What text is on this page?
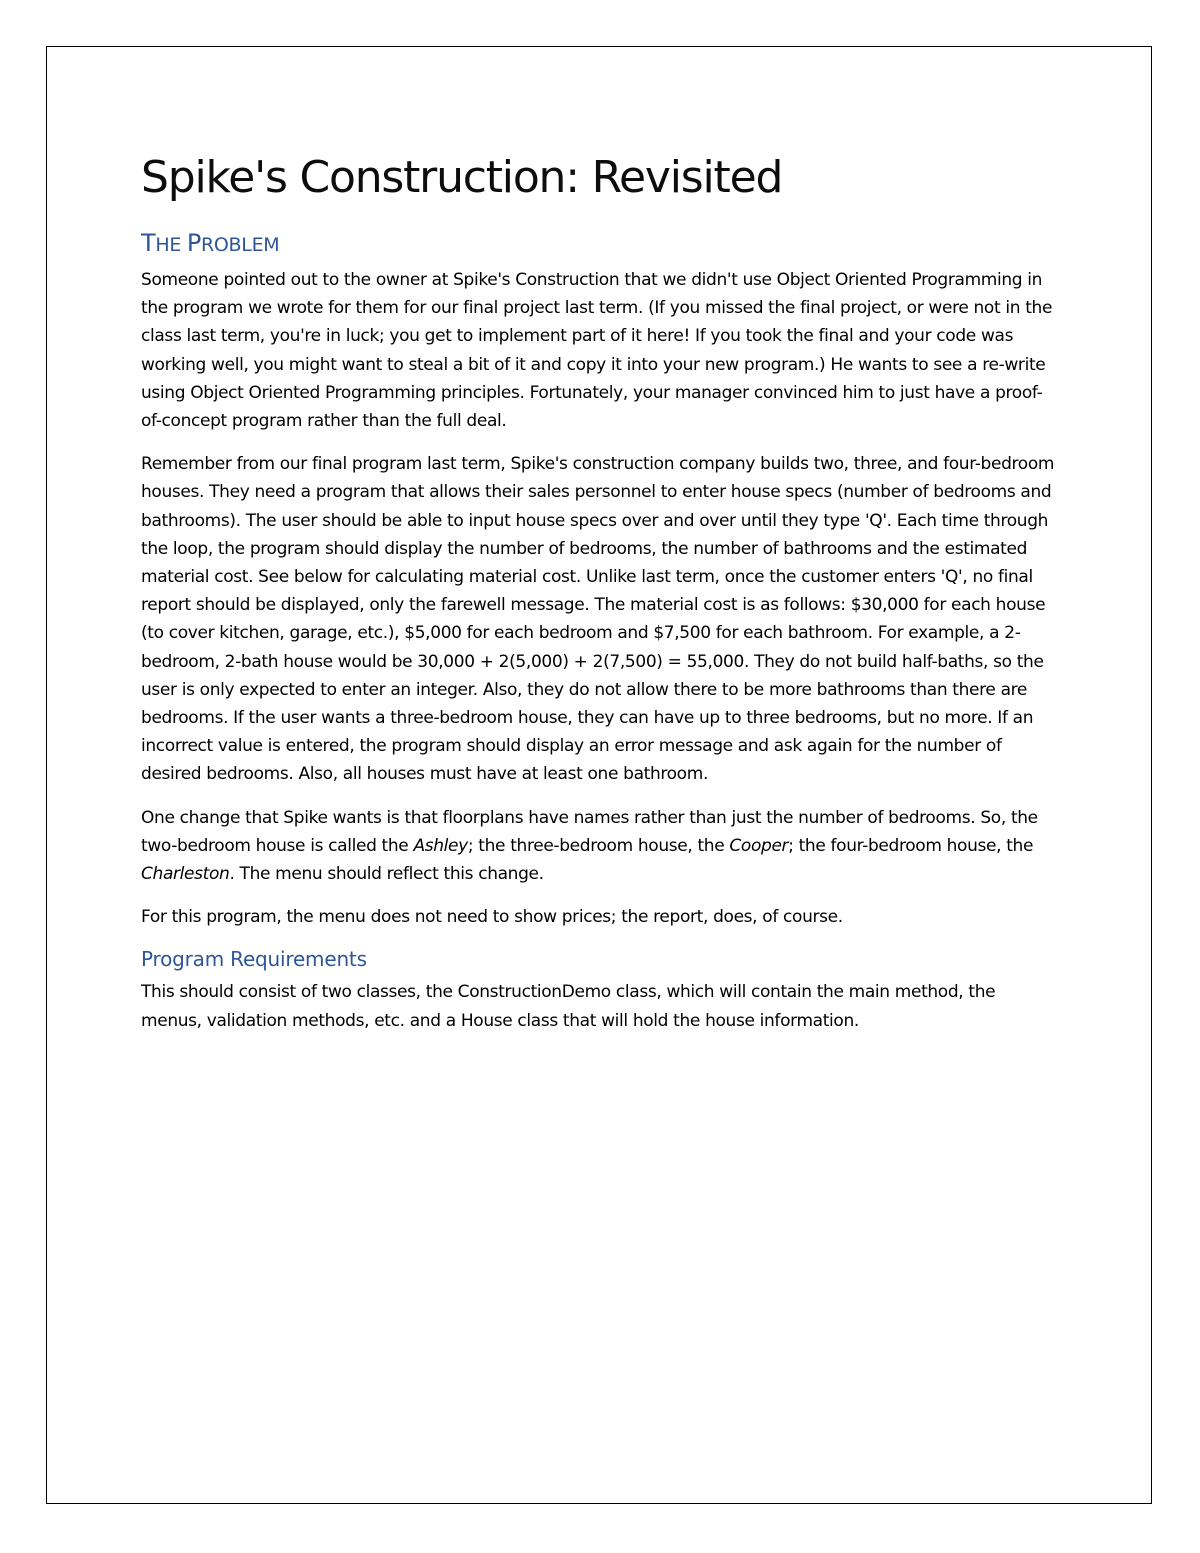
Spike's Construction: Revisited
THE PROBLEM

Someone pointed out to the owner at Spike's Construction that we didn't use Object Oriented Programming in the program we wrote for them for our final project last term. (If you missed the final project, or were not in the class last term, you're in luck; you get to implement part of it here! If you took the final and your code was working well, you might want to steal a bit of it and copy it into your new program.) He wants to see a re-write using Object Oriented Programming principles. Fortunately, your manager convinced him to just have a proof-of-concept program rather than the full deal.

Remember from our final program last term, Spike's construction company builds two, three, and four-bedroom houses. They need a program that allows their sales personnel to enter house specs (number of bedrooms and bathrooms). The user should be able to input house specs over and over until they type 'Q'. Each time through the loop, the program should display the number of bedrooms, the number of bathrooms and the estimated material cost. See below for calculating material cost. Unlike last term, once the customer enters 'Q', no final report should be displayed, only the farewell message. The material cost is as follows: $30,000 for each house (to cover kitchen, garage, etc.), $5,000 for each bedroom and $7,500 for each bathroom. For example, a 2-bedroom, 2-bath house would be 30,000 + 2(5,000) + 2(7,500) = 55,000. They do not build half-baths, so the user is only expected to enter an integer. Also, they do not allow there to be more bathrooms than there are bedrooms. If the user wants a three-bedroom house, they can have up to three bedrooms, but no more. If an incorrect value is entered, the program should display an error message and ask again for the number of desired bedrooms. Also, all houses must have at least one bathroom.

One change that Spike wants is that floorplans have names rather than just the number of bedrooms. So, the two-bedroom house is called the Ashley; the three-bedroom house, the Cooper; the four-bedroom house, the Charleston. The menu should reflect this change.

For this program, the menu does not need to show prices; the report, does, of course.

Program Requirements

This should consist of two classes, the ConstructionDemo class, which will contain the main method, the menus, validation methods, etc. and a House class that will hold the house information.
